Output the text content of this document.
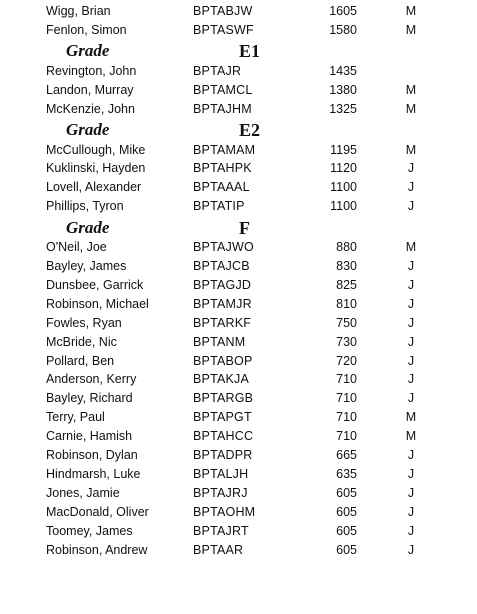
Wigg, Brian	BPTABJW	1605	M
Fenlon, Simon	BPTASWF	1580	M
Grade	E1
Revington, John	BPTAJR	1435
Landon, Murray	BPTAMCL	1380	M
McKenzie, John	BPTAJHM	1325	M
Grade	E2
McCullough, Mike	BPTAMAM	1195	M
Kuklinski, Hayden	BPTAHPK	1120	J
Lovell, Alexander	BPTAAAL	1100	J
Phillips, Tyron	BPTATIP	1100	J
Grade	F
O'Neil, Joe	BPTAJWO	880	M
Bayley, James	BPTAJCB	830	J
Dunsbee, Garrick	BPTAGJD	825	J
Robinson, Michael	BPTAMJR	810	J
Fowles, Ryan	BPTARKF	750	J
McBride, Nic	BPTANM	730	J
Pollard, Ben	BPTABOP	720	J
Anderson, Kerry	BPTAKJA	710	J
Bayley, Richard	BPTARGB	710	J
Terry, Paul	BPTAPGT	710	M
Carnie, Hamish	BPTAHCC	710	M
Robinson, Dylan	BPTADPR	665	J
Hindmarsh, Luke	BPTALJH	635	J
Jones, Jamie	BPTAJRJ	605	J
MacDonald, Oliver	BPTAOHM	605	J
Toomey, James	BPTAJRT	605	J
Robinson, Andrew	BPTAAR	605	J
